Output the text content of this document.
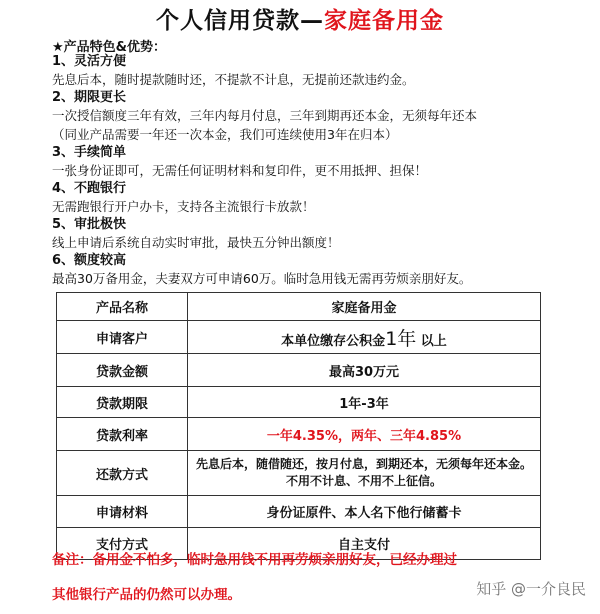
个人信用贷款—家庭备用金
★产品特色&优势：
1、灵活方便
先息后本，随时提款随时还，不提款不计息，无提前还款违约金。
2、期限更长
一次授信额度三年有效，三年内每月付息，三年到期再还本金，无须每年还本
（同业产品需要一年还一次本金，我们可连续使用3年在归本）
3、手续简单
一张身份证即可，无需任何证明材料和复印件，更不用抵押、担保！
4、不跑银行
无需跑银行开户办卡，支持各主流银行卡放款！
5、审批极快
线上申请后系统自动实时审批，最快五分钟出额度！
6、额度较高
最高30万备用金，夫妻双方可申请60万。临时急用钱无需再劳烦亲朋好友。
产品名称	家庭备用金
申请客户	本单位缴存公积金1年 以上
贷款金额	最高30万元
贷款期限	1年-3年
贷款利率	一年4.35%，两年、三年4.85%
还款方式	先息后本，随借随还，按月付息，到期还本，无须每年还本金。
不用不计息、不用不上征信。

申请材料	身份证原件、本人名下他行储蓄卡
支付方式	自主支付
备注：备用金不怕多，临时急用钱不用再劳烦亲朋好友，已经办理过
其他银行产品的仍然可以办理。	知乎 @一介良民
